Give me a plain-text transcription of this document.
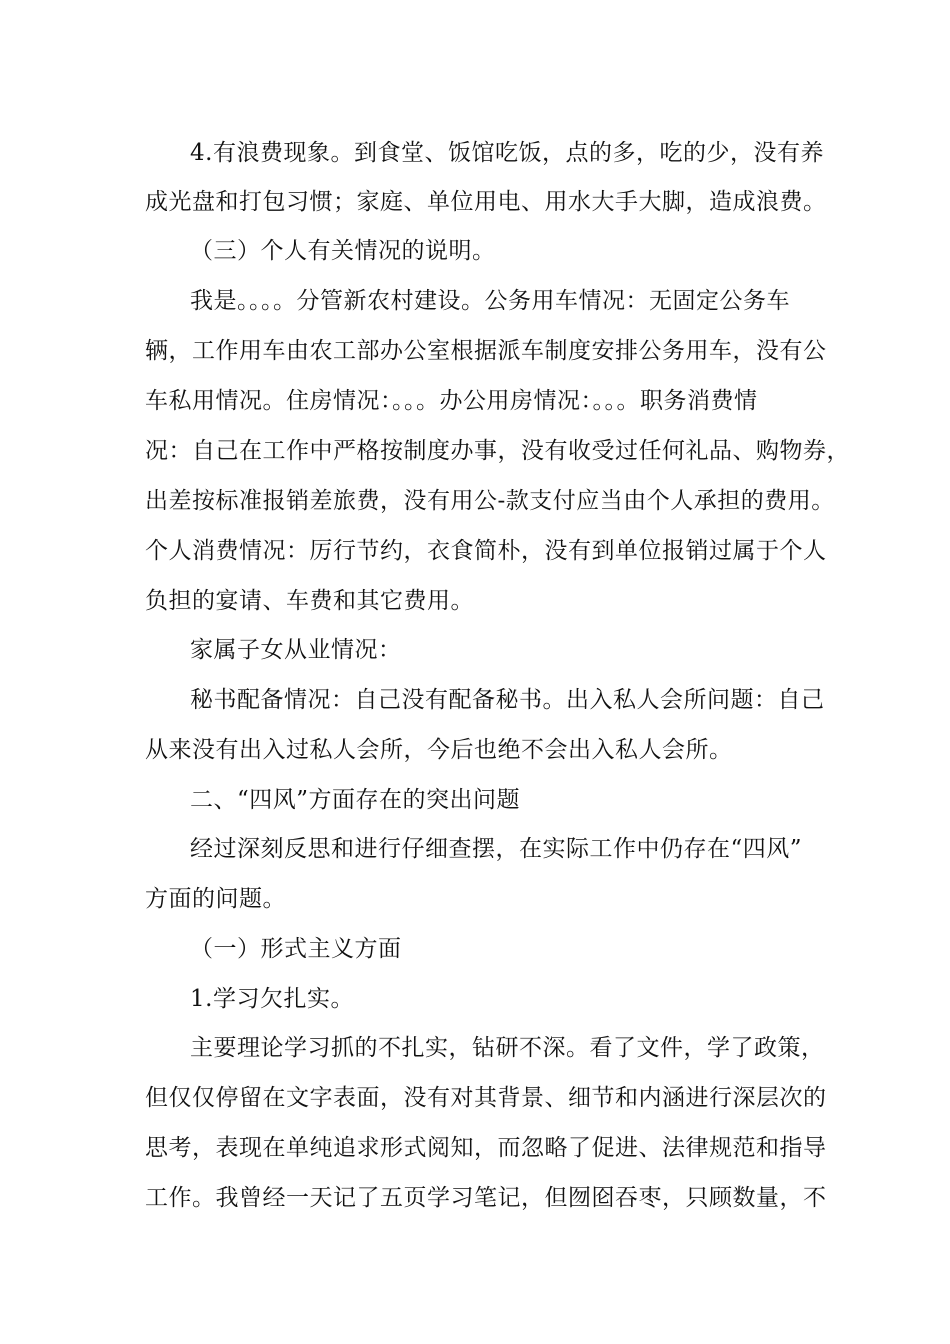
4.有浪费现象。到食堂、饭馆吃饭，点的多，吃的少，没有养
成光盘和打包习惯；家庭、单位用电、用水大手大脚，造成浪费。
（三）个人有关情况的说明。
我是。。。。分管新农村建设。公务用车情况：无固定公务车
辆，工作用车由农工部办公室根据派车制度安排公务用车，没有公
车私用情况。住房情况：。。。办公用房情况：。。。职务消费情
况：自己在工作中严格按制度办事，没有收受过任何礼品、购物券，
出差按标准报销差旅费，没有用公-款支付应当由个人承担的费用。
个人消费情况：厉行节约，衣食简朴，没有到单位报销过属于个人
负担的宴请、车费和其它费用。
家属子女从业情况：
秘书配备情况：自己没有配备秘书。出入私人会所问题：自己
从来没有出入过私人会所，今后也绝不会出入私人会所。
二、“四风”方面存在的突出问题
经过深刻反思和进行仔细查摆，在实际工作中仍存在“四风”
方面的问题。
（一）形式主义方面
1.学习欠扎实。
主要理论学习抓的不扎实，钻研不深。看了文件，学了政策，
但仅仅停留在文字表面，没有对其背景、细节和内涵进行深层次的
思考，表现在单纯追求形式阅知，而忽略了促进、法律规范和指导
工作。我曾经一天记了五页学习笔记，但囫囵吞枣，只顾数量，不
